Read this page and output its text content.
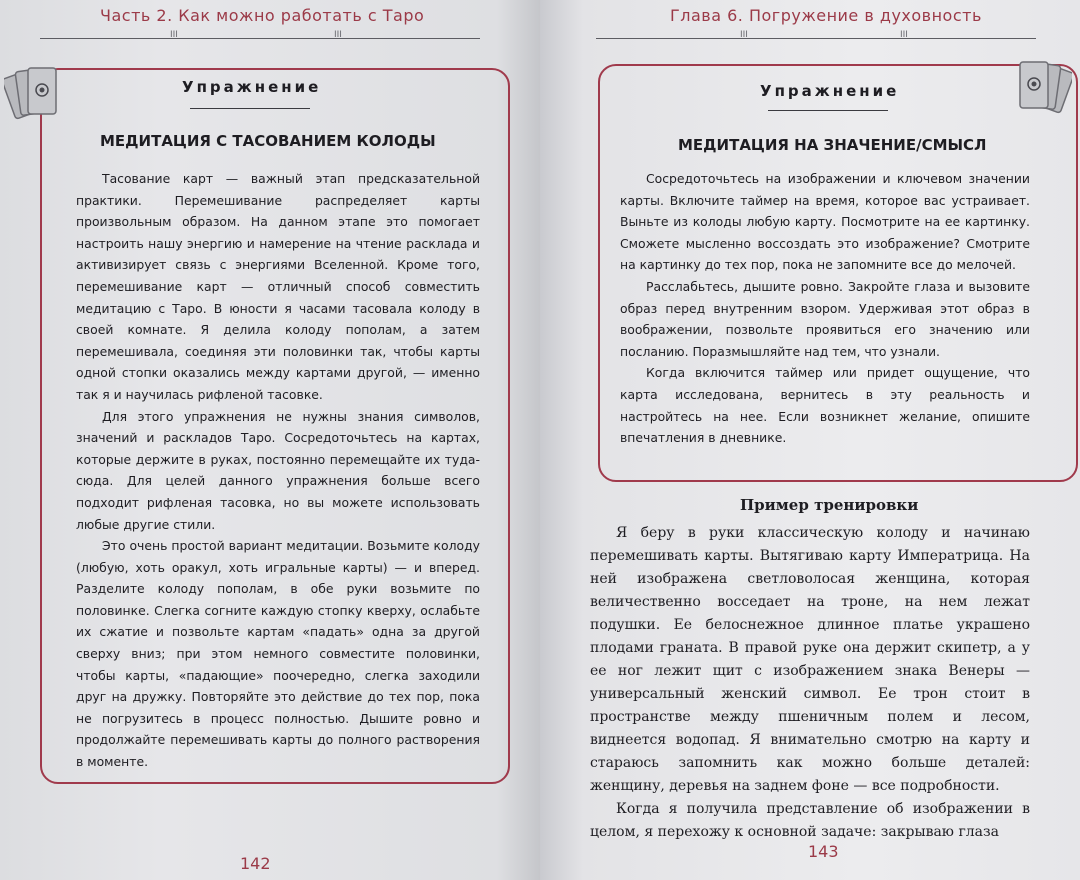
Часть 2. Как можно работать с Таро
III	III
Упражнение
МЕДИТАЦИЯ С ТАСОВАНИЕМ КОЛОДЫ

Тасование карт — важный этап предсказательной практики. Перемешивание распределяет карты произвольным образом. На данном этапе это помогает настроить нашу энергию и намерение на чтение расклада и активизирует связь с энергиями Вселенной. Кроме того, перемешивание карт — отличный способ совместить медитацию с Таро. В юности я часами тасовала колоду в своей комнате. Я делила колоду пополам, а затем перемешивала, соединяя эти половинки так, чтобы карты одной стопки оказались между картами другой, — именно так я и научилась рифленой тасовке.

Для этого упражнения не нужны знания символов, значений и раскладов Таро. Сосредоточьтесь на картах, которые держите в руках, постоянно перемещайте их туда-сюда. Для целей данного упражнения больше всего подходит рифленая тасовка, но вы можете использовать любые другие стили.

Это очень простой вариант медитации. Возьмите колоду (любую, хоть оракул, хоть игральные карты) — и вперед. Разделите колоду пополам, в обе руки возьмите по половинке. Слегка согните каждую стопку кверху, ослабьте их сжатие и позвольте картам «падать» одна за другой сверху вниз; при этом немного совместите половинки, чтобы карты, «падающие» поочередно, слегка заходили друг на дружку. Повторяйте это действие до тех пор, пока не погрузитесь в процесс полностью. Дышите ровно и продолжайте перемешивать карты до полного растворения в моменте.

142
Глава 6. Погружение в духовность
III	III
Упражнение
МЕДИТАЦИЯ НА ЗНАЧЕНИЕ/СМЫСЛ

Сосредоточьтесь на изображении и ключевом значении карты. Включите таймер на время, которое вас устраивает. Выньте из колоды любую карту. Посмотрите на ее картинку. Сможете мысленно воссоздать это изображение? Смотрите на картинку до тех пор, пока не запомните все до мелочей.

Расслабьтесь, дышите ровно. Закройте глаза и вызовите образ перед внутренним взором. Удерживая этот образ в воображении, позвольте проявиться его значению или посланию. Поразмышляйте над тем, что узнали.

Когда включится таймер или придет ощущение, что карта исследована, вернитесь в эту реальность и настройтесь на нее. Если возникнет желание, опишите впечатления в дневнике.

Пример тренировки

Я беру в руки классическую колоду и начинаю перемешивать карты. Вытягиваю карту Императрица. На ней изображена светловолосая женщина, которая величественно восседает на троне, на нем лежат подушки. Ее белоснежное длинное платье украшено плодами граната. В правой руке она держит скипетр, а у ее ног лежит щит с изображением знака Венеры — универсальный женский символ. Ее трон стоит в пространстве между пшеничным полем и лесом, виднеется водопад. Я внимательно смотрю на карту и стараюсь запомнить как можно больше деталей: женщину, деревья на заднем фоне — все подробности.

Когда я получила представление об изображении в целом, я перехожу к основной задаче: закрываю глаза

143
